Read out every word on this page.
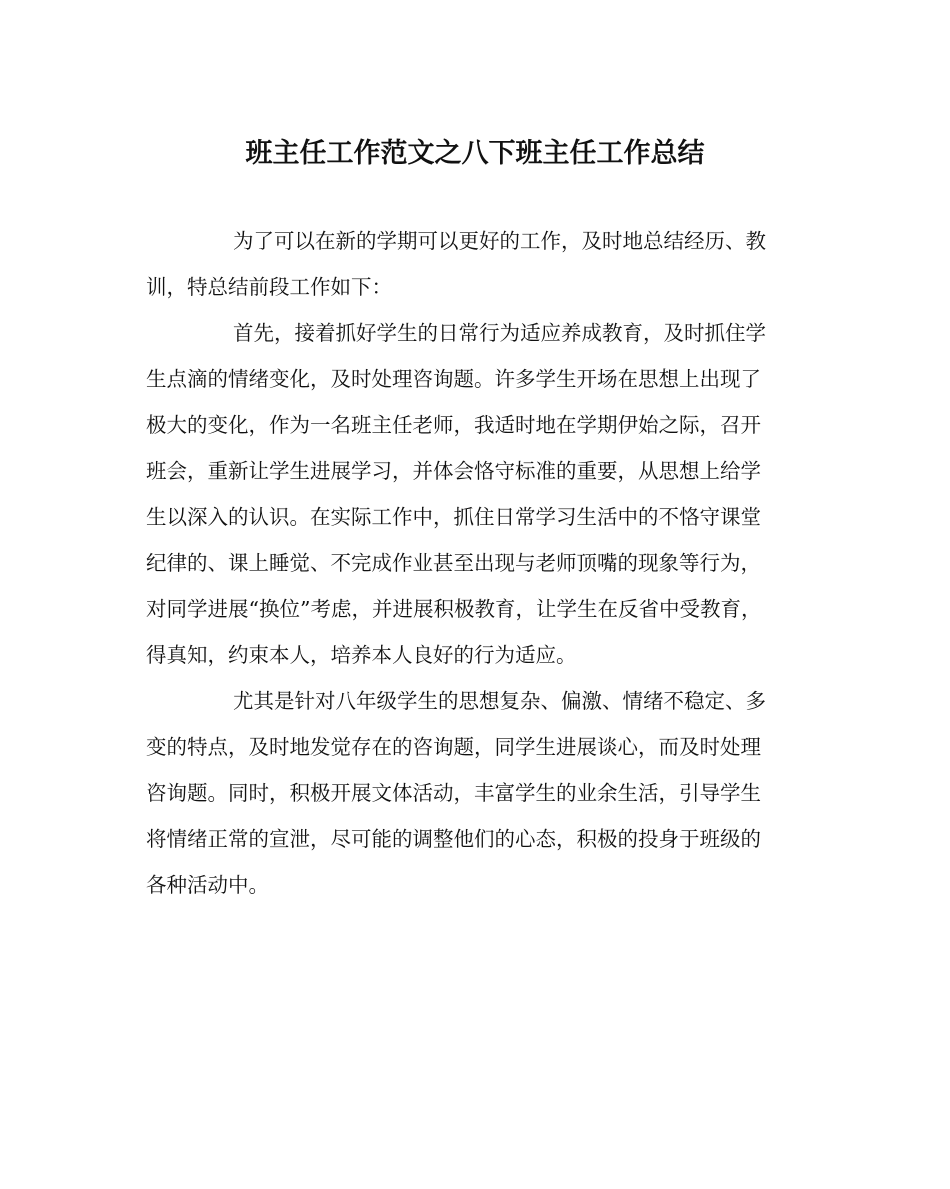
班主任工作范文之八下班主任工作总结
为了可以在新的学期可以更好的工作，及时地总结经历、教
训，特总结前段工作如下：
首先，接着抓好学生的日常行为适应养成教育，及时抓住学
生点滴的情绪变化，及时处理咨询题。许多学生开场在思想上出现了
极大的变化，作为一名班主任老师，我适时地在学期伊始之际，召开
班会，重新让学生进展学习，并体会恪守标准的重要，从思想上给学
生以深入的认识。在实际工作中，抓住日常学习生活中的不恪守课堂
纪律的、课上睡觉、不完成作业甚至出现与老师顶嘴的现象等行为，
对同学进展“换位”考虑，并进展积极教育，让学生在反省中受教育，
得真知，约束本人，培养本人良好的行为适应。
尤其是针对八年级学生的思想复杂、偏激、情绪不稳定、多
变的特点，及时地发觉存在的咨询题，同学生进展谈心，而及时处理
咨询题。同时，积极开展文体活动，丰富学生的业余生活，引导学生
将情绪正常的宣泄，尽可能的调整他们的心态，积极的投身于班级的
各种活动中。
